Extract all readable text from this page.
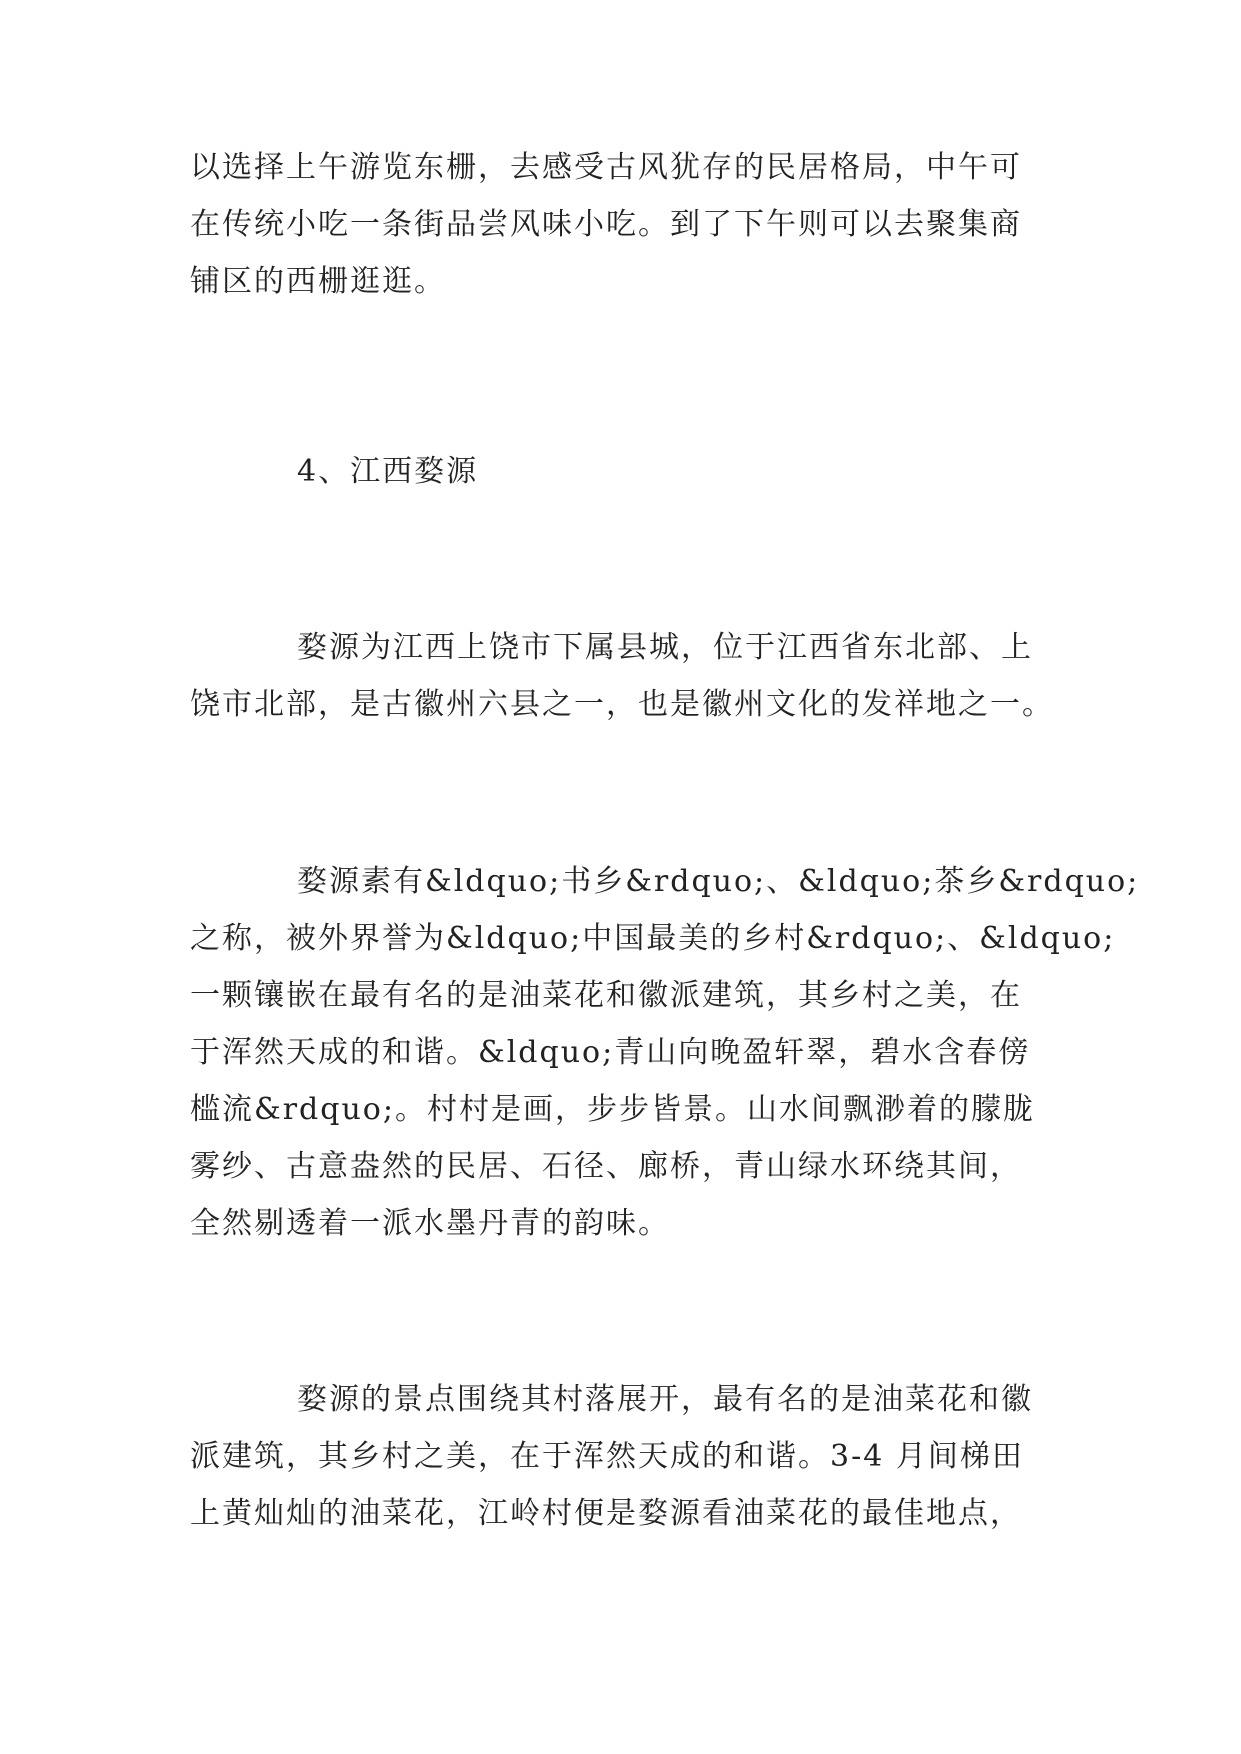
以选择上午游览东栅，去感受古风犹存的民居格局，中午可
在传统小吃一条街品尝风味小吃。到了下午则可以去聚集商
铺区的西栅逛逛。
4、江西婺源
婺源为江西上饶市下属县城，位于江西省东北部、上
饶市北部，是古徽州六县之一，也是徽州文化的发祥地之一。
婺源素有&ldquo;书乡&rdquo;、&ldquo;茶乡&rdquo;
之称，被外界誉为&ldquo;中国最美的乡村&rdquo;、&ldquo;
一颗镶嵌在最有名的是油菜花和徽派建筑，其乡村之美，在
于浑然天成的和谐。&ldquo;青山向晚盈轩翠，碧水含春傍
槛流&rdquo;。村村是画，步步皆景。山水间飘渺着的朦胧
雾纱、古意盎然的民居、石径、廊桥，青山绿水环绕其间，
全然剔透着一派水墨丹青的韵味。
婺源的景点围绕其村落展开，最有名的是油菜花和徽
派建筑，其乡村之美，在于浑然天成的和谐。3-4 月间梯田
上黄灿灿的油菜花，江岭村便是婺源看油菜花的最佳地点，
